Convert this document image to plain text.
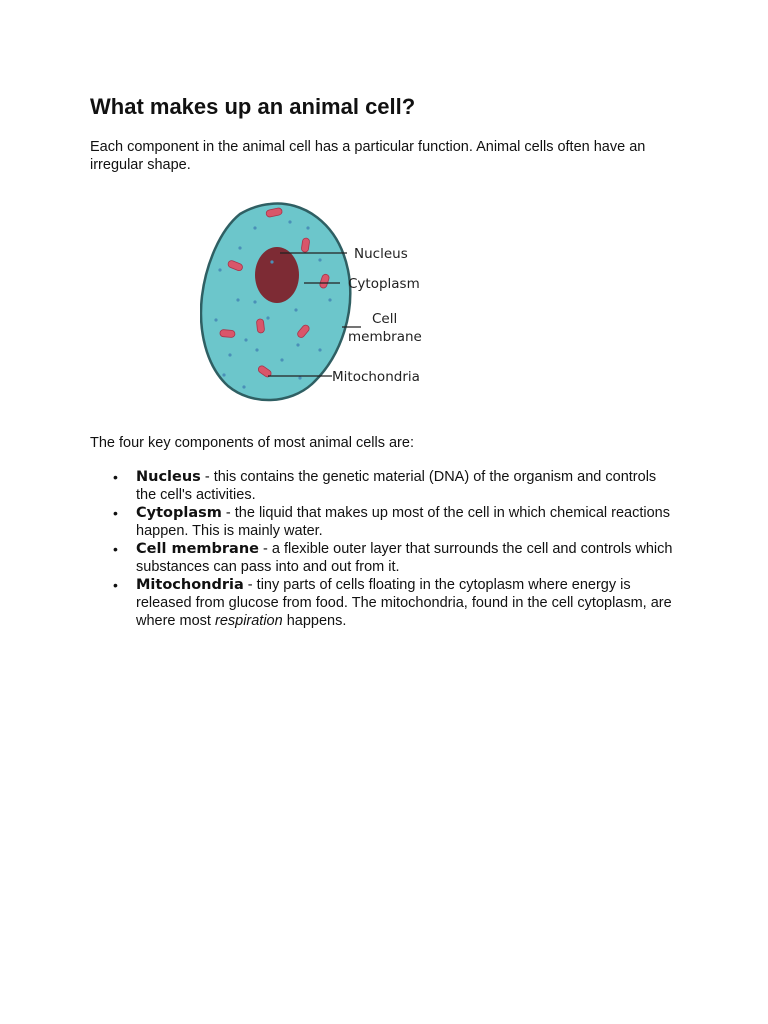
What makes up an animal cell?

Each component in the animal cell has a particular function. Animal cells often have an irregular shape.

Nucleus
Cytoplasm
Cell
membrane
Mitochondria

The four key components of most animal cells are:

• Nucleus - this contains the genetic material (DNA) of the organism and controls the cell's activities.
• Cytoplasm - the liquid that makes up most of the cell in which chemical reactions happen. This is mainly water.
• Cell membrane - a flexible outer layer that surrounds the cell and controls which substances can pass into and out from it.
• Mitochondria - tiny parts of cells floating in the cytoplasm where energy is released from glucose from food. The mitochondria, found in the cell cytoplasm, are where most respiration happens.
